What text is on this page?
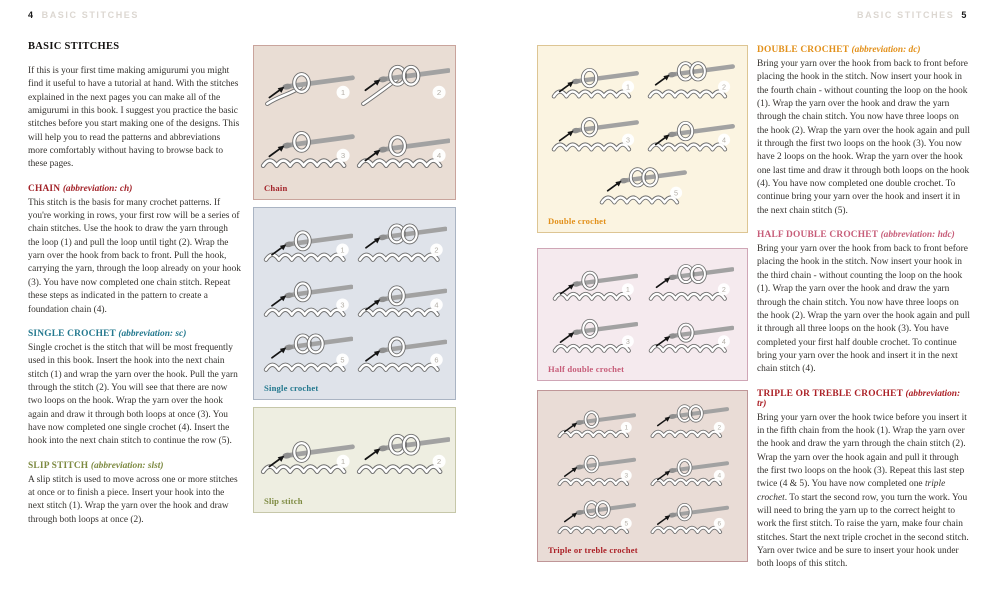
4 BASIC STITCHES	BASIC STITCHES 5
BASIC STITCHES

If this is your first time making amigurumi you might find it useful to have a tutorial at hand. With the stitches explained in the next pages you can make all of the amigurumi in this book. I suggest you practice the basic stitches before you start making one of the designs. This will help you to read the patterns and abbreviations more comfortably without having to browse back to these pages.

CHAIN (abbreviation: ch)

This stitch is the basis for many crochet patterns. If you're working in rows, your first row will be a series of chain stitches. Use the hook to draw the yarn through the loop (1) and pull the loop until tight (2). Wrap the yarn over the hook from back to front. Pull the hook, carrying the yarn, through the loop already on your hook (3). You have now completed one chain stitch. Repeat these steps as indicated in the pattern to create a foundation chain (4).

SINGLE CROCHET (abbreviation: sc)

Single crochet is the stitch that will be most frequently used in this book. Insert the hook into the next chain stitch (1) and wrap the yarn over the hook. Pull the yarn through the stitch (2). You will see that there are now two loops on the hook. Wrap the yarn over the hook again and draw it through both loops at once (3). You have now completed one single crochet (4). Insert the hook into the next chain stitch to continue the row (5).

SLIP STITCH (abbreviation: slst)

A slip stitch is used to move across one or more stitches at once or to finish a piece. Insert your hook into the next stitch (1). Wrap the yarn over the hook and draw through both loops at once (2).

DOUBLE CROCHET (abbreviation: dc)

Bring your yarn over the hook from back to front before placing the hook in the stitch. Now insert your hook in the fourth chain - without counting the loop on the hook (1). Wrap the yarn over the hook and draw the yarn through the chain stitch. You now have three loops on the hook (2). Wrap the yarn over the hook again and pull it through the first two loops on the hook (3). You now have 2 loops on the hook. Wrap the yarn over the hook one last time and draw it through both loops on the hook (4). You have now completed one double crochet. To continue bring your yarn over the hook and insert it in the next chain stitch (5).

HALF DOUBLE CROCHET (abbreviation: hdc)

Bring your yarn over the hook from back to front before placing the hook in the stitch. Now insert your hook in the third chain - without counting the loop on the hook (1). Wrap the yarn over the hook and draw the yarn through the chain stitch. You now have three loops on the hook (2). Wrap the yarn over the hook again and pull it through all three loops on the hook (3). You have completed your first half double crochet. To continue bring your yarn over the hook and insert it in the next chain stitch (4).

TRIPLE OR TREBLE CROCHET (abbreviation: tr)

Bring your yarn over the hook twice before you insert it in the fifth chain from the hook (1). Wrap the yarn over the hook and draw the yarn through the chain stitch (2). Wrap the yarn over the hook again and pull it through the first two loops on the hook (3). Repeat this last step twice (4 & 5). You have now completed one triple crochet. To start the second row, you turn the work. You will need to bring the yarn up to the correct height to work the first stitch. To raise the yarn, make four chain stitches. Start the next triple crochet in the second stitch. Yarn over twice and be sure to insert your hook under both loops of this stitch.

1	2
3	4
Chain
1	2
3	4
5	6
Single crochet
1	2
Slip stitch
1	2
3	4
5
Double crochet
1	2
3	4
Half double crochet
1	2
3	4
5	6
Triple or treble crochet
